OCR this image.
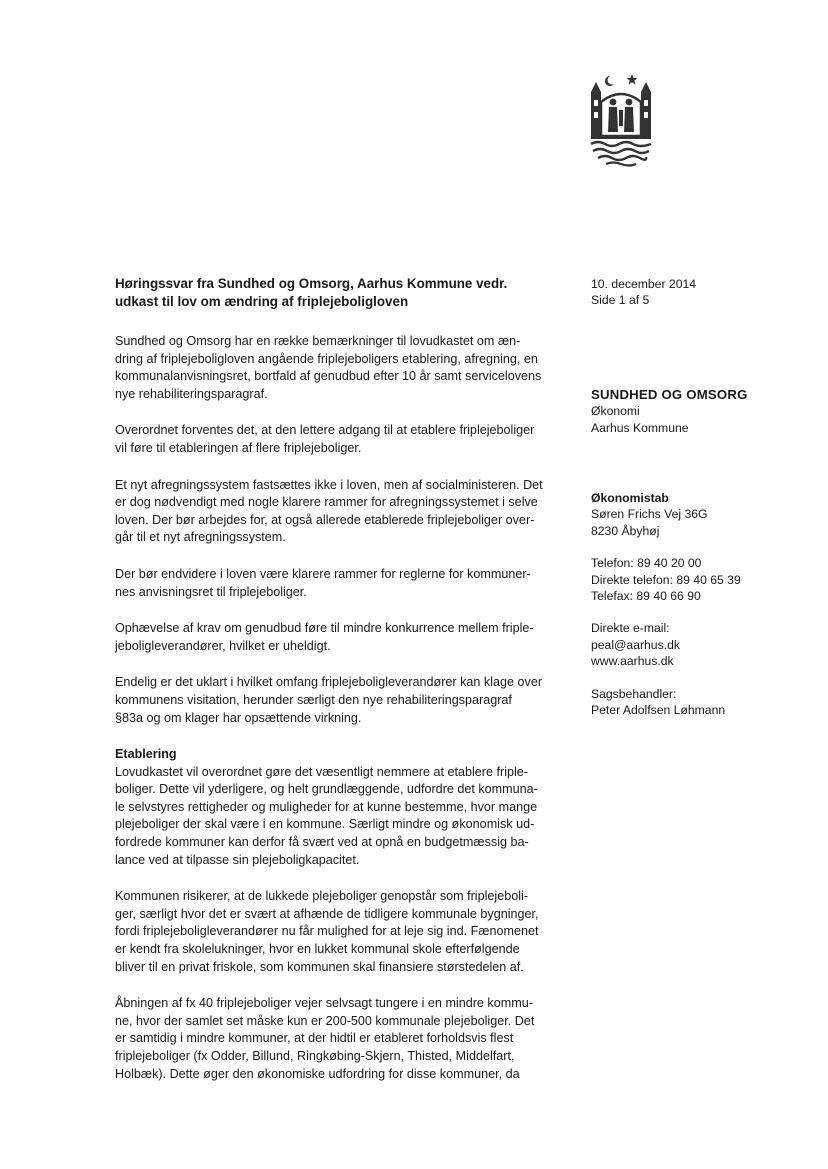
Høringssvar fra Sundhed og Omsorg, Aarhus Kommune vedr.
udkast til lov om ændring af friplejeboligloven
Sundhed og Omsorg har en række bemærkninger til lovudkastet om æn-
dring af friplejeboligloven angående friplejeboligers etablering, afregning, en
kommunalanvisningsret, bortfald af genudbud efter 10 år samt servicelovens
nye rehabiliteringsparagraf.
Overordnet forventes det, at den lettere adgang til at etablere friplejeboliger
vil føre til etableringen af flere friplejeboliger.
Et nyt afregningssystem fastsættes ikke i loven, men af socialministeren. Det
er dog nødvendigt med nogle klarere rammer for afregningssystemet i selve
loven. Der bør arbejdes for, at også allerede etablerede friplejeboliger over-
går til et nyt afregningssystem.
Der bør endvidere i loven være klarere rammer for reglerne for kommuner-
nes anvisningsret til friplejeboliger.
Ophævelse af krav om genudbud føre til mindre konkurrence mellem friple-
jeboligleverandører, hvilket er uheldigt.
Endelig er det uklart i hvilket omfang friplejeboligleverandører kan klage over
kommunens visitation, herunder særligt den nye rehabiliteringsparagraf
§83a og om klager har opsættende virkning.
Etablering
Lovudkastet vil overordnet gøre det væsentligt nemmere at etablere friple-
boliger. Dette vil yderligere, og helt grundlæggende, udfordre det kommuna-
le selvstyres rettigheder og muligheder for at kunne bestemme, hvor mange
plejeboliger der skal være i en kommune. Særligt mindre og økonomisk ud-
fordrede kommuner kan derfor få svært ved at opnå en budgetmæssig ba-
lance ved at tilpasse sin plejeboligkapacitet.
Kommunen risikerer, at de lukkede plejeboliger genopstår som friplejeboli-
ger, særligt hvor det er svært at afhænde de tidligere kommunale bygninger,
fordi friplejeboligleverandører nu får mulighed for at leje sig ind. Fænomenet
er kendt fra skolelukninger, hvor en lukket kommunal skole efterfølgende
bliver til en privat friskole, som kommunen skal finansiere størstedelen af.
Åbningen af fx 40 friplejeboliger vejer selvsagt tungere i en mindre kommu-
ne, hvor der samlet set måske kun er 200-500 kommunale plejeboliger. Det
er samtidig i mindre kommuner, at der hidtil er etableret forholdsvis flest
friplejeboliger (fx Odder, Billund, Ringkøbing-Skjern, Thisted, Middelfart,
Holbæk). Dette øger den økonomiske udfordring for disse kommuner, da
10. december 2014
Side 1 af 5
SUNDHED OG OMSORG
Økonomi
Aarhus Kommune
Økonomistab
Søren Frichs Vej 36G
8230 Åbyhøj
Telefon: 89 40 20 00
Direkte telefon: 89 40 65 39
Telefax: 89 40 66 90
Direkte e-mail:
peal@aarhus.dk
www.aarhus.dk
Sagsbehandler:
Peter Adolfsen Løhmann
